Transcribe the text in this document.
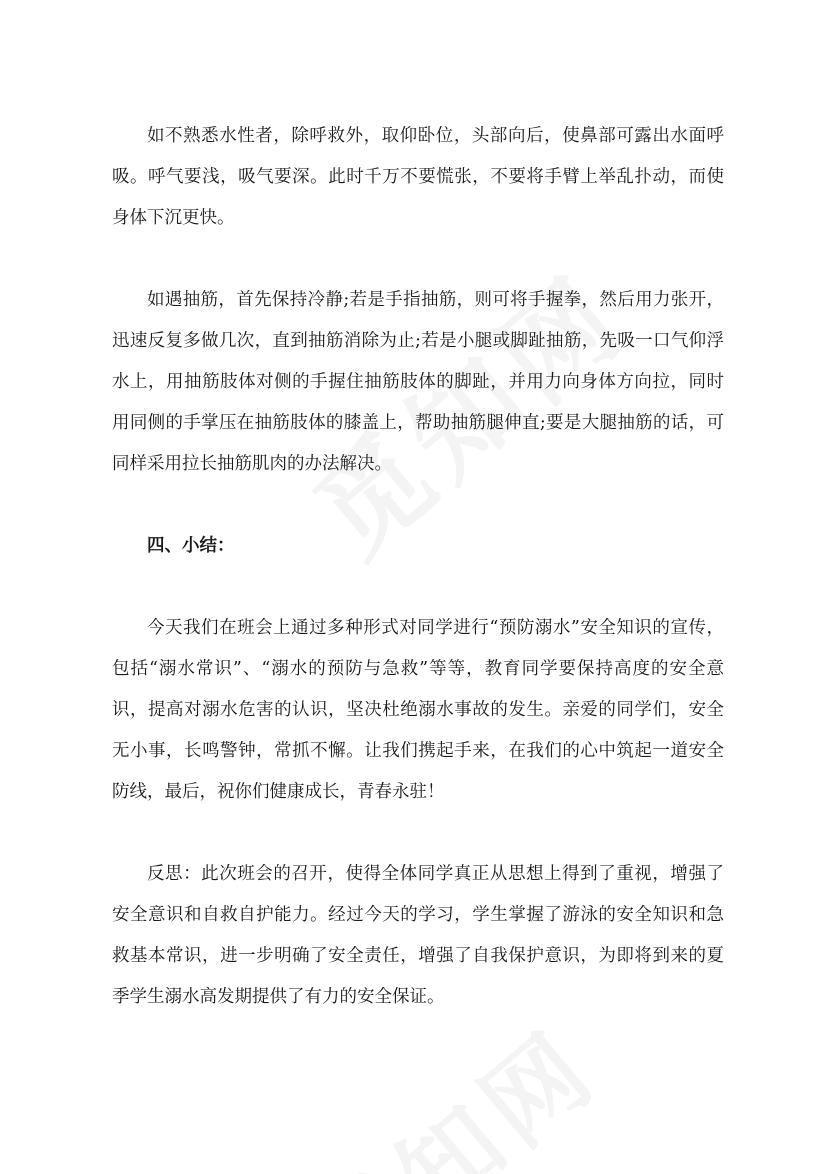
如不熟悉水性者，除呼救外，取仰卧位，头部向后，使鼻部可露出水面呼吸。呼气要浅，吸气要深。此时千万不要慌张，不要将手臂上举乱扑动，而使身体下沉更快。

如遇抽筋，首先保持冷静;若是手指抽筋，则可将手握拳，然后用力张开，迅速反复多做几次，直到抽筋消除为止;若是小腿或脚趾抽筋，先吸一口气仰浮水上，用抽筋肢体对侧的手握住抽筋肢体的脚趾，并用力向身体方向拉，同时用同侧的手掌压在抽筋肢体的膝盖上，帮助抽筋腿伸直;要是大腿抽筋的话，可同样采用拉长抽筋肌肉的办法解决。

四、小结：

今天我们在班会上通过多种形式对同学进行“预防溺水”安全知识的宣传，包括“溺水常识”、“溺水的预防与急救”等等，教育同学要保持高度的安全意识，提高对溺水危害的认识，坚决杜绝溺水事故的发生。亲爱的同学们，安全无小事，长鸣警钟，常抓不懈。让我们携起手来，在我们的心中筑起一道安全防线，最后，祝你们健康成长，青春永驻！

反思：此次班会的召开，使得全体同学真正从思想上得到了重视，增强了安全意识和自救自护能力。经过今天的学习，学生掌握了游泳的安全知识和急救基本常识，进一步明确了安全责任，增强了自我保护意识，为即将到来的夏季学生溺水高发期提供了有力的安全保证。
